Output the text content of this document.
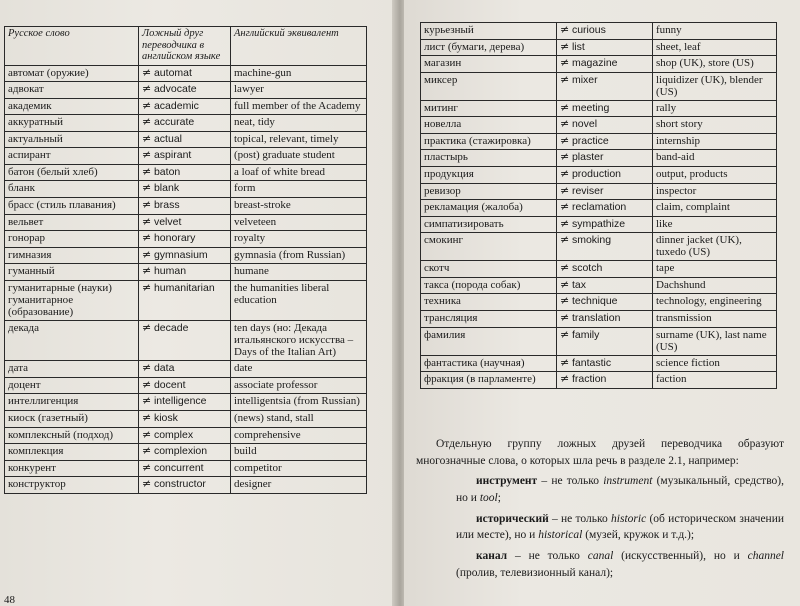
Русское слово	Ложный друг переводчика в английском языке	Английский эквивалент
автомат (оружие)	≠ automat	machine-gun
адвокат	≠ advocate	lawyer
академик	≠ academic	full member of the Academy
аккуратный	≠ accurate	neat, tidy
актуальный	≠ actual	topical, relevant, timely
аспирант	≠ aspirant	(post) graduate student
батон (белый хлеб)	≠ baton	a loaf of white bread
бланк	≠ blank	form
брасс (стиль плавания)	≠ brass	breast-stroke
вельвет	≠ velvet	velveteen
гонорар	≠ honorary	royalty
гимназия	≠ gymnasium	gymnasia (from Russian)
гуманный	≠ human	humane
гуманитарные (науки) гуманитарное (образование)	≠ humanitarian	the humanities liberal education
декада	≠ decade	ten days (но: Декада итальянского искусства – Days of the Italian Art)
дата	≠ data	date
доцент	≠ docent	associate professor
интеллигенция	≠ intelligence	intelligentsia (from Russian)
киоск (газетный)	≠ kiosk	(news) stand, stall
комплексный (подход)	≠ complex	comprehensive
комплекция	≠ complexion	build
конкурент	≠ concurrent	competitor
конструктор	≠ constructor	designer
48
курьезный	≠ curious	funny
лист (бумаги, дерева)	≠ list	sheet, leaf
магазин	≠ magazine	shop (UK), store (US)
миксер	≠ mixer	liquidizer (UK), blender (US)
митинг	≠ meeting	rally
новелла	≠ novel	short story
практика (стажировка)	≠ practice	internship
пластырь	≠ plaster	band-aid
продукция	≠ production	output, products
ревизор	≠ reviser	inspector
рекламация (жалоба)	≠ reclamation	claim, complaint
симпатизировать	≠ sympathize	like
смокинг	≠ smoking	dinner jacket (UK), tuxedo (US)
скотч	≠ scotch	tape
такса (порода собак)	≠ tax	Dachshund
техника	≠ technique	technology, engineering
трансляция	≠ translation	transmission
фамилия	≠ family	surname (UK), last name (US)
фантастика (научная)	≠ fantastic	science fiction
фракция (в парламенте)	≠ fraction	faction

Отдельную группу ложных друзей переводчика образуют многозначные слова, о которых шла речь в разделе 2.1, например:

инструмент – не только instrument (музыкальный, средство), но и tool;

исторический – не только historic (об историческом значении или месте), но и historical (музей, кружок и т.д.);

канал – не только canal (искусственный), но и channel (пролив, телевизионный канал);
